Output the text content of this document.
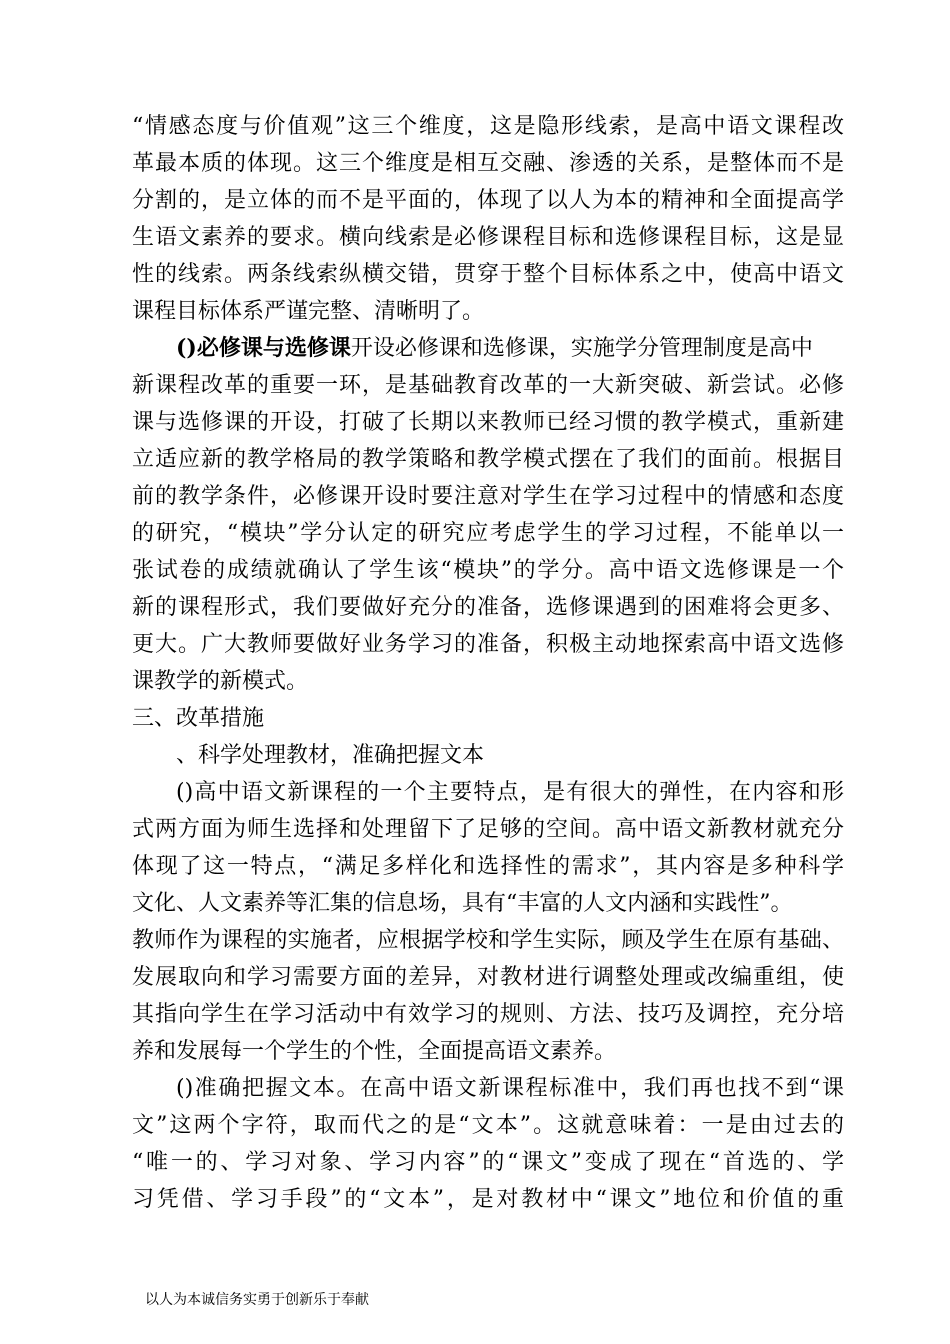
“情感态度与价值观”这三个维度，这是隐形线索，是高中语文课程改
革最本质的体现。这三个维度是相互交融、渗透的关系，是整体而不是
分割的，是立体的而不是平面的，体现了以人为本的精神和全面提高学
生语文素养的要求。横向线索是必修课程目标和选修课程目标，这是显
性的线索。两条线索纵横交错，贯穿于整个目标体系之中，使高中语文
课程目标体系严谨完整、清晰明了。
()必修课与选修课开设必修课和选修课，实施学分管理制度是高中
新课程改革的重要一环，是基础教育改革的一大新突破、新尝试。必修
课与选修课的开设，打破了长期以来教师已经习惯的教学模式，重新建
立适应新的教学格局的教学策略和教学模式摆在了我们的面前。根据目
前的教学条件，必修课开设时要注意对学生在学习过程中的情感和态度
的研究，“模块”学分认定的研究应考虑学生的学习过程，不能单以一
张试卷的成绩就确认了学生该“模块”的学分。高中语文选修课是一个
新的课程形式，我们要做好充分的准备，选修课遇到的困难将会更多、
更大。广大教师要做好业务学习的准备，积极主动地探索高中语文选修
课教学的新模式。
三、改革措施
、科学处理教材，准确把握文本
()高中语文新课程的一个主要特点，是有很大的弹性，在内容和形
式两方面为师生选择和处理留下了足够的空间。高中语文新教材就充分
体现了这一特点，“满足多样化和选择性的需求”，其内容是多种科学
文化、人文素养等汇集的信息场，具有“丰富的人文内涵和实践性”。
教师作为课程的实施者，应根据学校和学生实际，顾及学生在原有基础、
发展取向和学习需要方面的差异，对教材进行调整处理或改编重组，使
其指向学生在学习活动中有效学习的规则、方法、技巧及调控，充分培
养和发展每一个学生的个性，全面提高语文素养。
()准确把握文本。在高中语文新课程标准中，我们再也找不到“课
文”这两个字符，取而代之的是“文本”。这就意味着：一是由过去的
“唯一的、学习对象、学习内容”的“课文”变成了现在“首选的、学
习凭借、学习手段”的“文本”，是对教材中“课文”地位和价值的重
以人为本诚信务实勇于创新乐于奉献
